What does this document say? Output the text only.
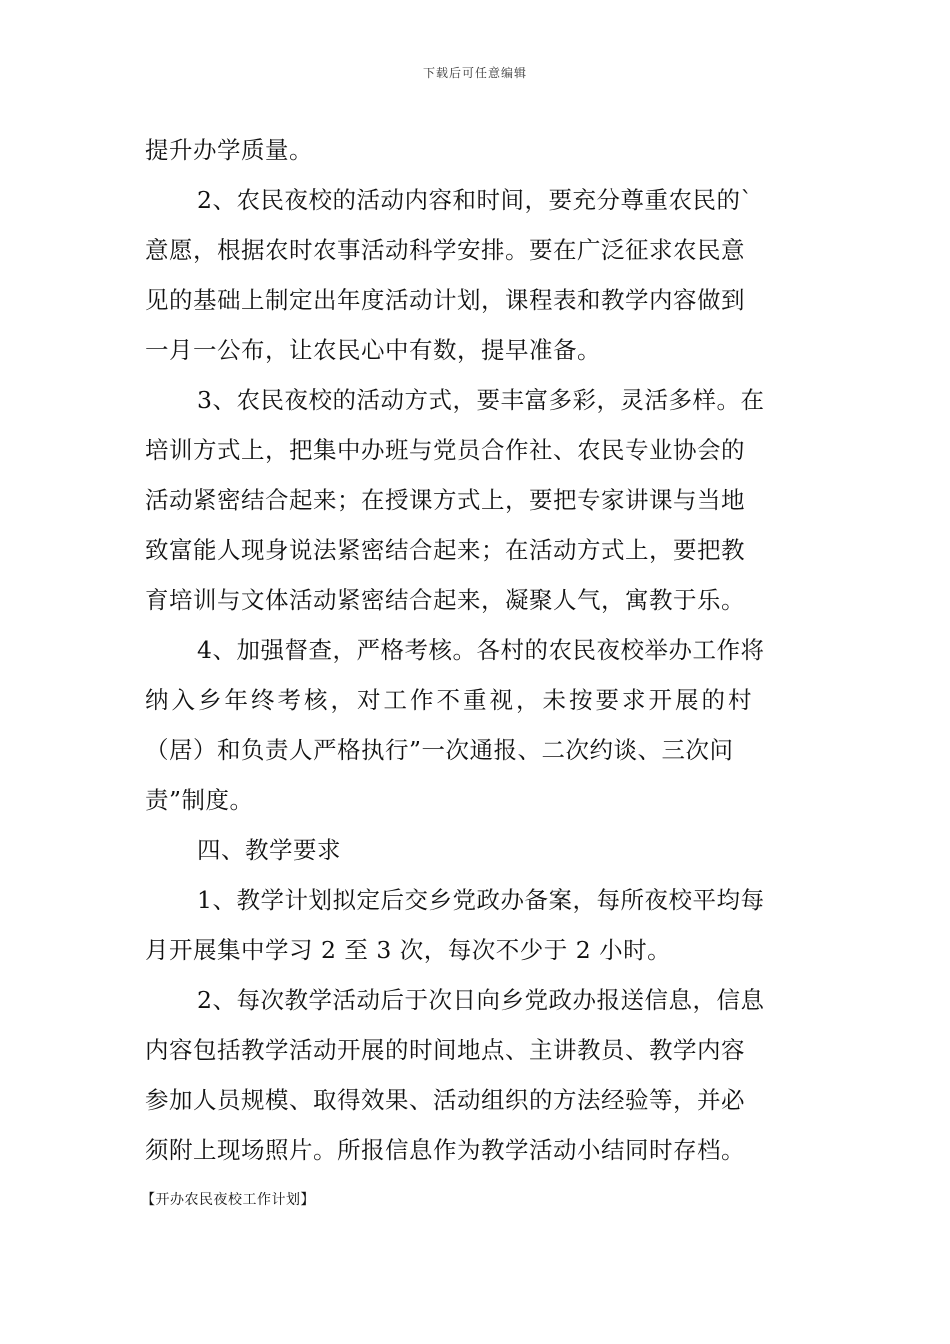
下载后可任意编辑
提升办学质量。
2、农民夜校的活动内容和时间，要充分尊重农民的`
意愿，根据农时农事活动科学安排。要在广泛征求农民意
见的基础上制定出年度活动计划，课程表和教学内容做到
一月一公布，让农民心中有数，提早准备。
3、农民夜校的活动方式，要丰富多彩，灵活多样。在
培训方式上，把集中办班与党员合作社、农民专业协会的
活动紧密结合起来；在授课方式上，要把专家讲课与当地
致富能人现身说法紧密结合起来；在活动方式上，要把教
育培训与文体活动紧密结合起来，凝聚人气，寓教于乐。
4、加强督查，严格考核。各村的农民夜校举办工作将
纳入乡年终考核，对工作不重视，未按要求开展的村
（居）和负责人严格执行”一次通报、二次约谈、三次问
责”制度。
四、教学要求
1、教学计划拟定后交乡党政办备案，每所夜校平均每
月开展集中学习 2 至 3 次，每次不少于 2 小时。
2、每次教学活动后于次日向乡党政办报送信息，信息
内容包括教学活动开展的时间地点、主讲教员、教学内容
参加人员规模、取得效果、活动组织的方法经验等，并必
须附上现场照片。所报信息作为教学活动小结同时存档。
【开办农民夜校工作计划】
